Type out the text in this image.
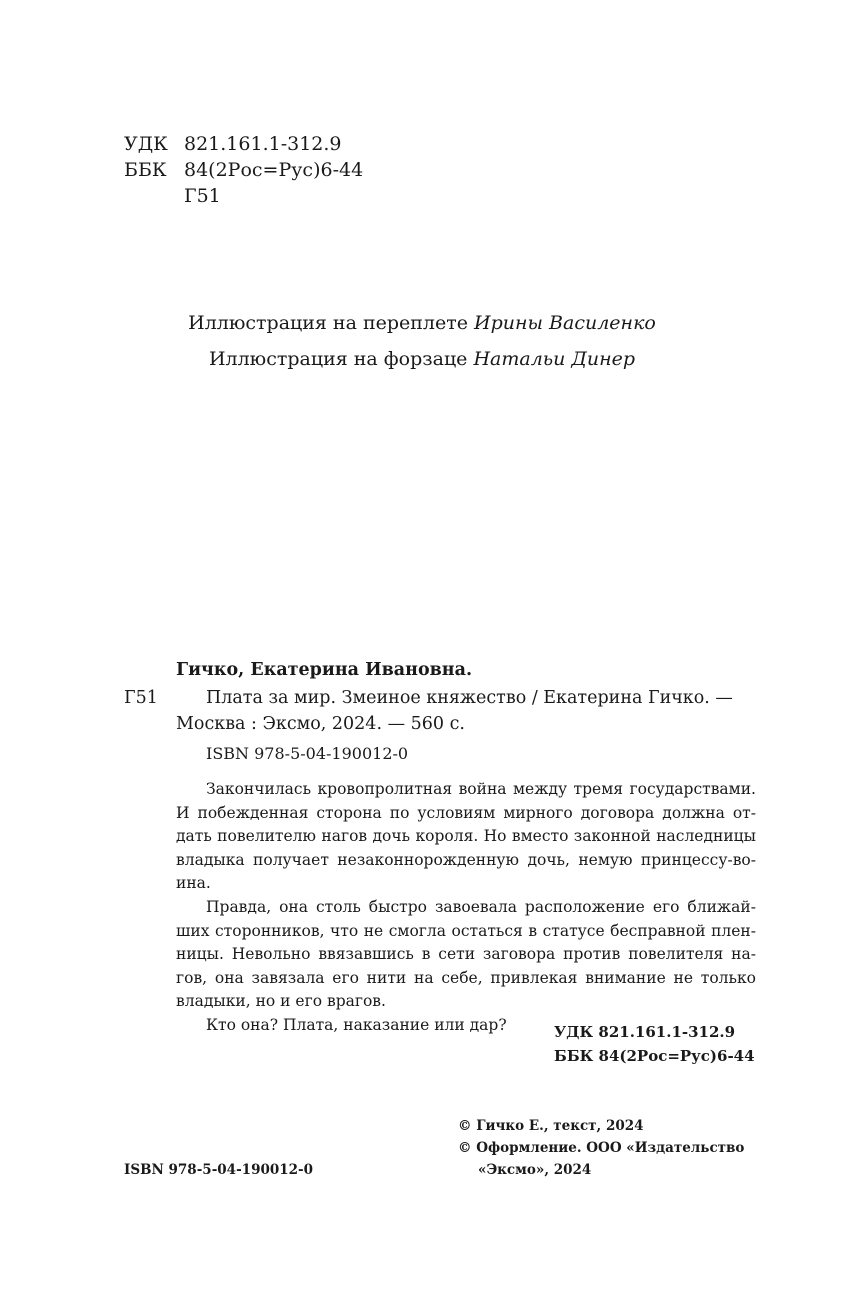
УДК 821.161.1-312.9
ББК 84(2Рос=Рус)6-44
Г51
Иллюстрация на переплете Ирины Василенко
Иллюстрация на форзаце Натальи Динер
Гичко, Екатерина Ивановна.
Г51	Плата за мир. Змеиное княжество / Екатерина Гичко. —
Москва : Эксмо, 2024. — 560 с.
ISBN 978-5-04-190012-0
Закончилась кровопролитная война между тремя государствами.
И побежденная сторона по условиям мирного договора должна от-
дать повелителю нагов дочь короля. Но вместо законной наследницы
владыка получает незаконнорожденную дочь, немую принцессу-во-
ина.
Правда, она столь быстро завоевала расположение его ближай-
ших сторонников, что не смогла остаться в статусе бесправной плен-
ницы. Невольно ввязавшись в сети заговора против повелителя на-
гов, она завязала его нити на себе, привлекая внимание не только
владыки, но и его врагов.
Кто она? Плата, наказание или дар?	УДК 821.161.1-312.9
ББК 84(2Рос=Рус)6-44
ISBN 978-5-04-190012-0
© Гичко Е., текст, 2024
© Оформление. ООО «Издательство
«Эксмо», 2024
